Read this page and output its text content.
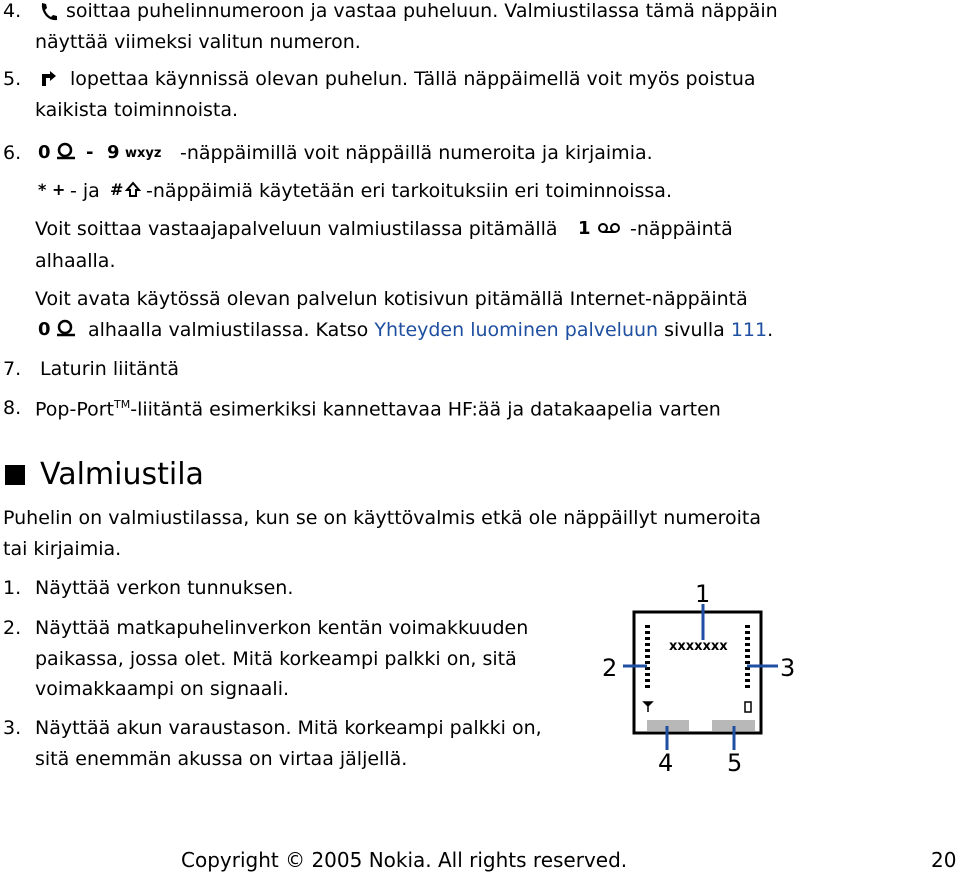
4. soittaa puhelinnumeroon ja vastaa puheluun. Valmiustilassa tämä näppäin
näyttää viimeksi valitun numeron.
5.	lopettaa käynnissä olevan puhelun. Tällä näppäimellä voit myös poistua
kaikista toiminnoista.
6. 0 - 9 wxyz -näppäimillä voit näppäillä numeroita ja kirjaimia.
* + - ja # -näppäimiä käytetään eri tarkoituksiin eri toiminnoissa.
Voit soittaa vastaajapalveluun valmiustilassa pitämällä 1 -näppäintä
alhaalla.
Voit avata käytössä olevan palvelun kotisivun pitämällä Internet-näppäintä
0 alhaalla valmiustilassa. Katso Yhteyden luominen palveluun sivulla 111.
7. Laturin liitäntä
8. Pop-Port™-liitäntä esimerkiksi kannettavaa HF:ää ja datakaapelia varten
Valmiustila
Puhelin on valmiustilassa, kun se on käyttövalmis etkä ole näppäillyt numeroita
tai kirjaimia.
1. Näyttää verkon tunnuksen.
2. Näyttää matkapuhelinverkon kentän voimakkuuden
paikassa, jossa olet. Mitä korkeampi palkki on, sitä
voimakkaampi on signaali.
3. Näyttää akun varaustason. Mitä korkeampi palkki on,
sitä enemmän akussa on virtaa jäljellä.
xxxxxxx
1
2	3
4 5
Copyright © 2005 Nokia. All rights reserved.	20
